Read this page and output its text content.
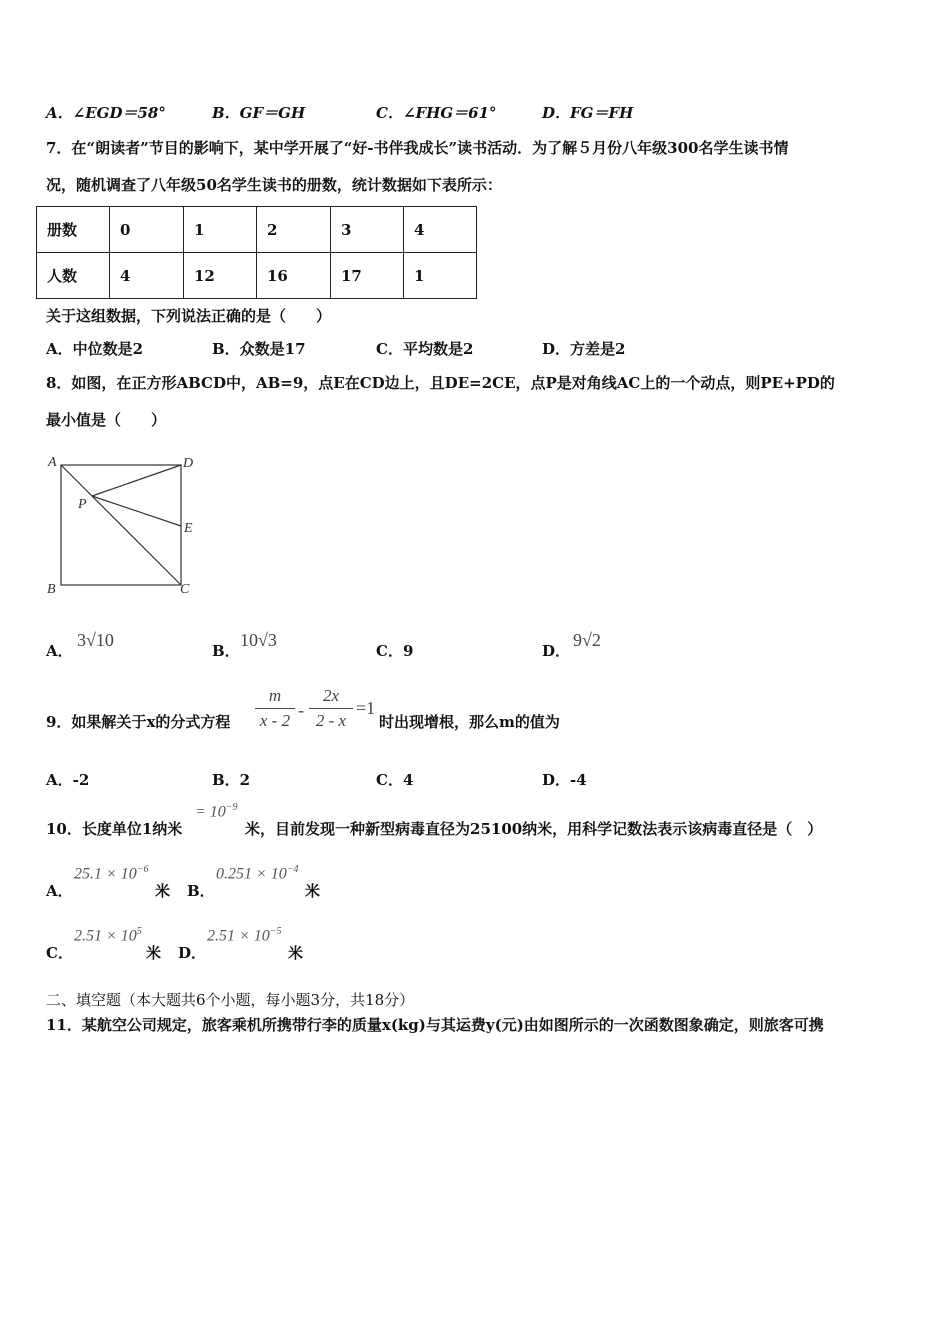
A．∠EGD＝58°	B．GF＝GH	C．∠FHG＝61°	D．FG＝FH
7．在“朗读者”节目的影响下，某中学开展了“好-书伴我成长”读书活动．为了解５月份八年级300名学生读书情
况，随机调查了八年级50名学生读书的册数，统计数据如下表所示：
册数	0	1	2	3	4
人数	4	12	16	17	1
关于这组数据，下列说法正确的是（　　）
A．中位数是2	B．众数是17	C．平均数是2	D．方差是2
8．如图，在正方形ABCD中，AB=9，点E在CD边上，且DE=2CE，点P是对角线AC上的一个动点，则PE+PD的
最小值是（　　）
A	D
P
E
B	C
A．
3√10
B．
10√3
C．9	D．
9√2
9．如果解关于x的分式方程
m
x - 2
-
2x
2 - x
=1
时出现增根，那么m的值为
A．-2	B．2	C．4	D．-4
10．长度单位1纳米
= $10^{-9}$
米，目前发现一种新型病毒直径为25100纳米，用科学记数法表示该病毒直径是（　）
A．
$25.1 \times 10^{-6}$
米 B．
$0.251 \times 10^{-4}$
米
C．
$2.51 \times 10^5$
米 D．
$2.51 \times 10^{-5}$
米
二、填空题（本大题共6个小题，每小题3分，共18分）
11．某航空公司规定，旅客乘机所携带行李的质量x(kg)与其运费y(元)由如图所示的一次函数图象确定，则旅客可携
